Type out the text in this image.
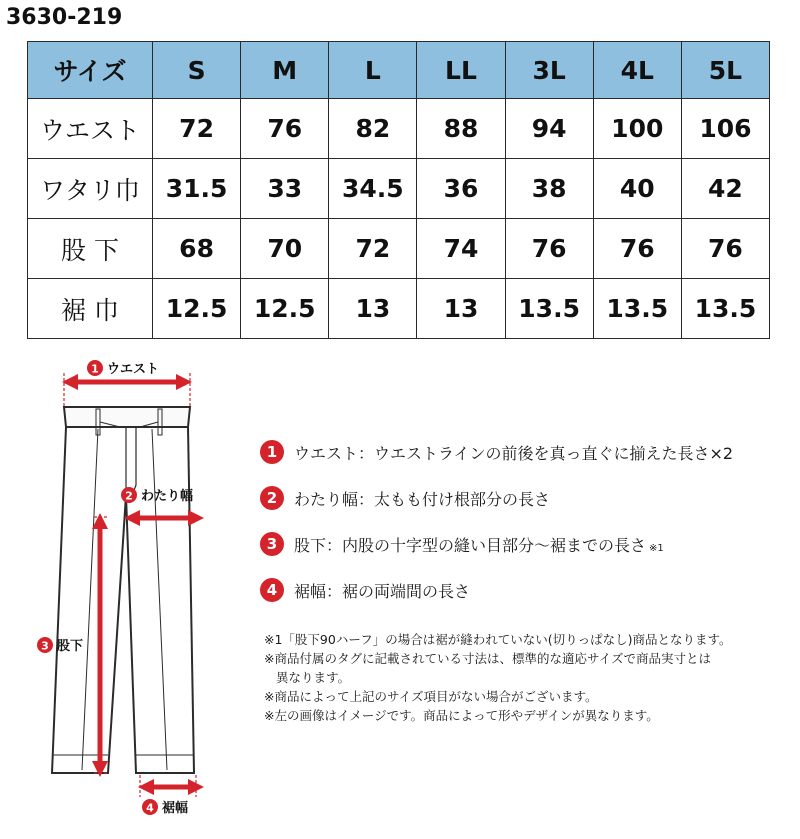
3630-219
サイズ	S	M	L	LL	3L	4L	5L
ウエスト	72	76	82	88	94	100	106
ワタリ巾	31.5	33	34.5	36	38	40	42
股 下	68	70	72	74	76	76	76
裾 巾	12.5	12.5	13	13	13.5	13.5	13.5
1 ウエスト
2 わたり幅
3 股下
4 裾幅
1	ウエスト：ウエストラインの前後を真っ直ぐに揃えた長さ×2
2	わたり幅：太もも付け根部分の長さ
3	股下：内股の十字型の縫い目部分～裾までの長さ ※1
4	裾幅：裾の両端間の長さ
※1「股下90ハーフ」の場合は裾が縫われていない(切りっぱなし)商品となります。
※商品付属のタグに記載されている寸法は、標準的な適応サイズで商品実寸とは
異なります。
※商品によって上記のサイズ項目がない場合がございます。
※左の画像はイメージです。商品によって形やデザインが異なります。
